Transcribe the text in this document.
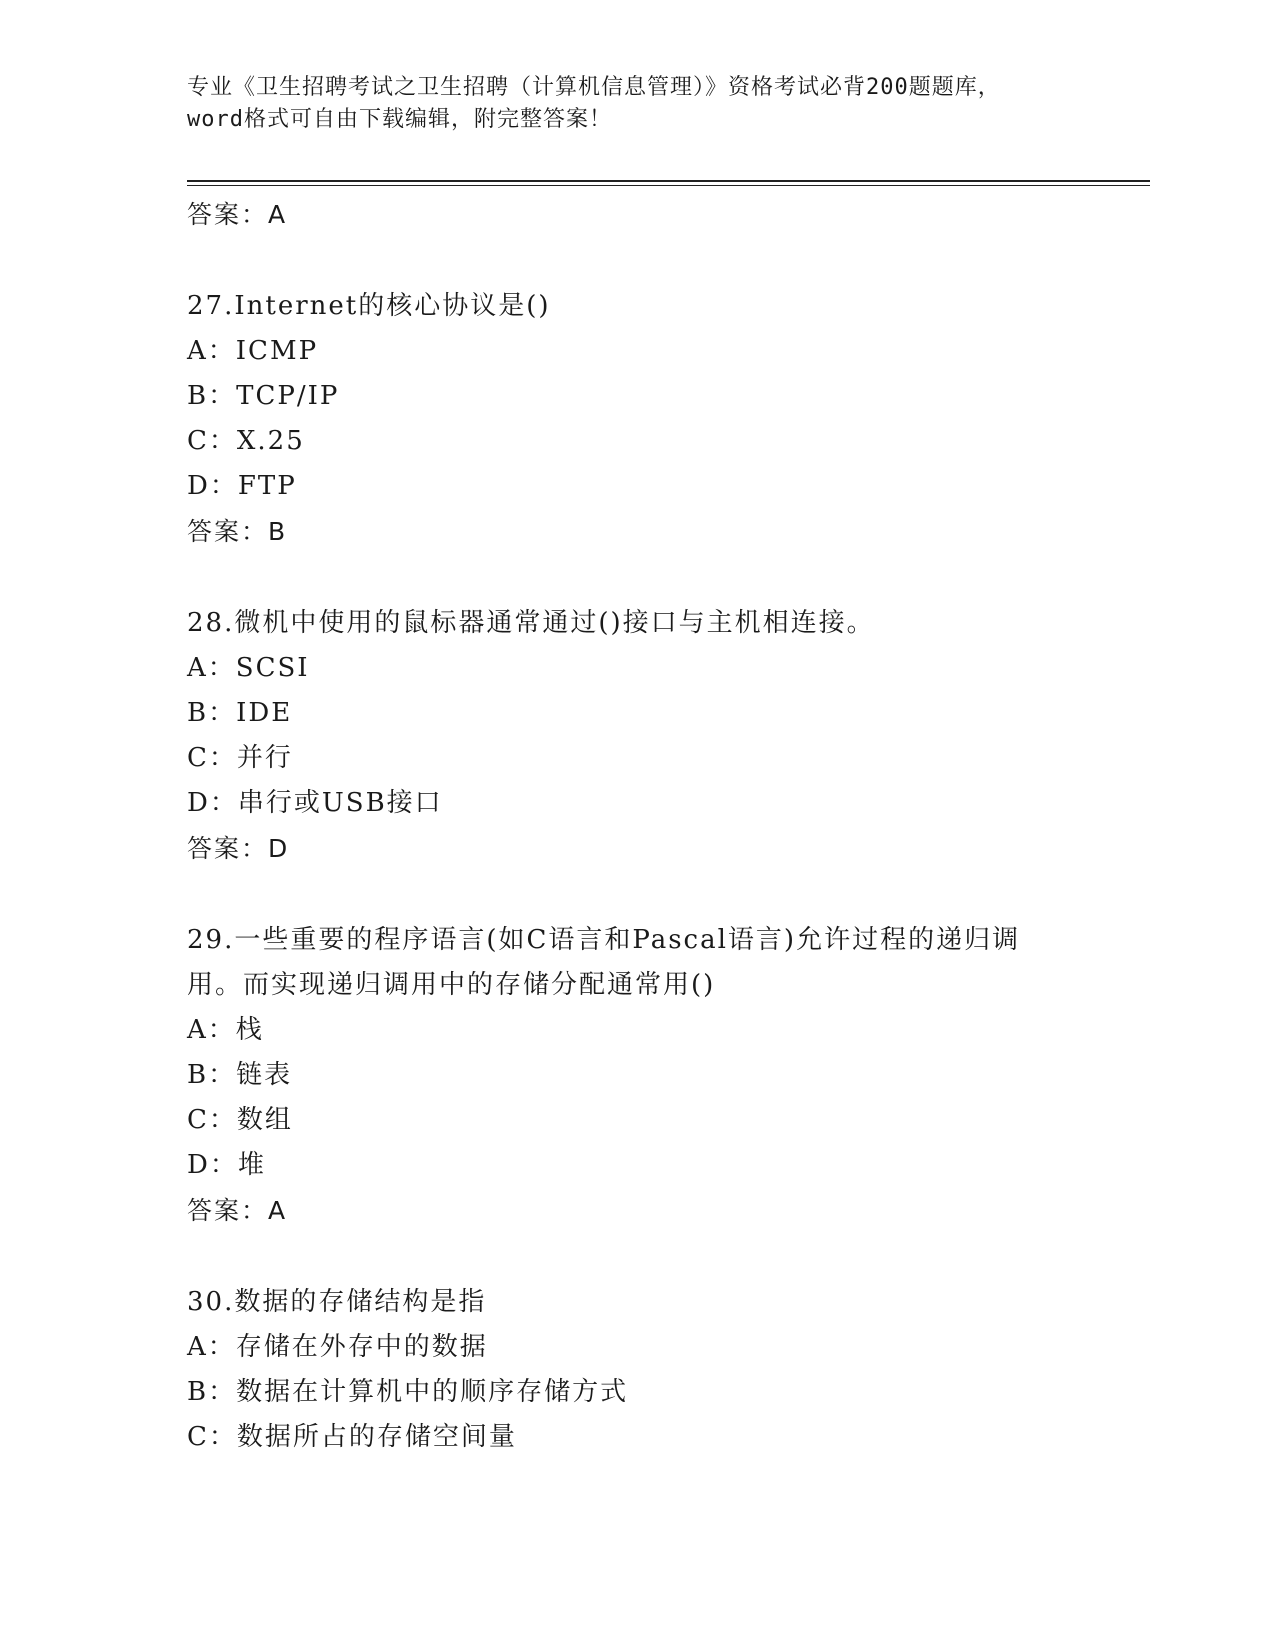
专业《卫生招聘考试之卫生招聘（计算机信息管理）》资格考试必背200题题库，
word格式可自由下载编辑，附完整答案！
答案：A
27.Internet的核心协议是()
A：ICMP
B：TCP/IP
C：X.25
D：FTP
答案：B
28.微机中使用的鼠标器通常通过()接口与主机相连接。
A：SCSI
B：IDE
C：并行
D：串行或USB接口
答案：D
29.一些重要的程序语言(如C语言和Pascal语言)允许过程的递归调
用。而实现递归调用中的存储分配通常用()
A：栈
B：链表
C：数组
D：堆
答案：A
30.数据的存储结构是指
A：存储在外存中的数据
B：数据在计算机中的顺序存储方式
C：数据所占的存储空间量
